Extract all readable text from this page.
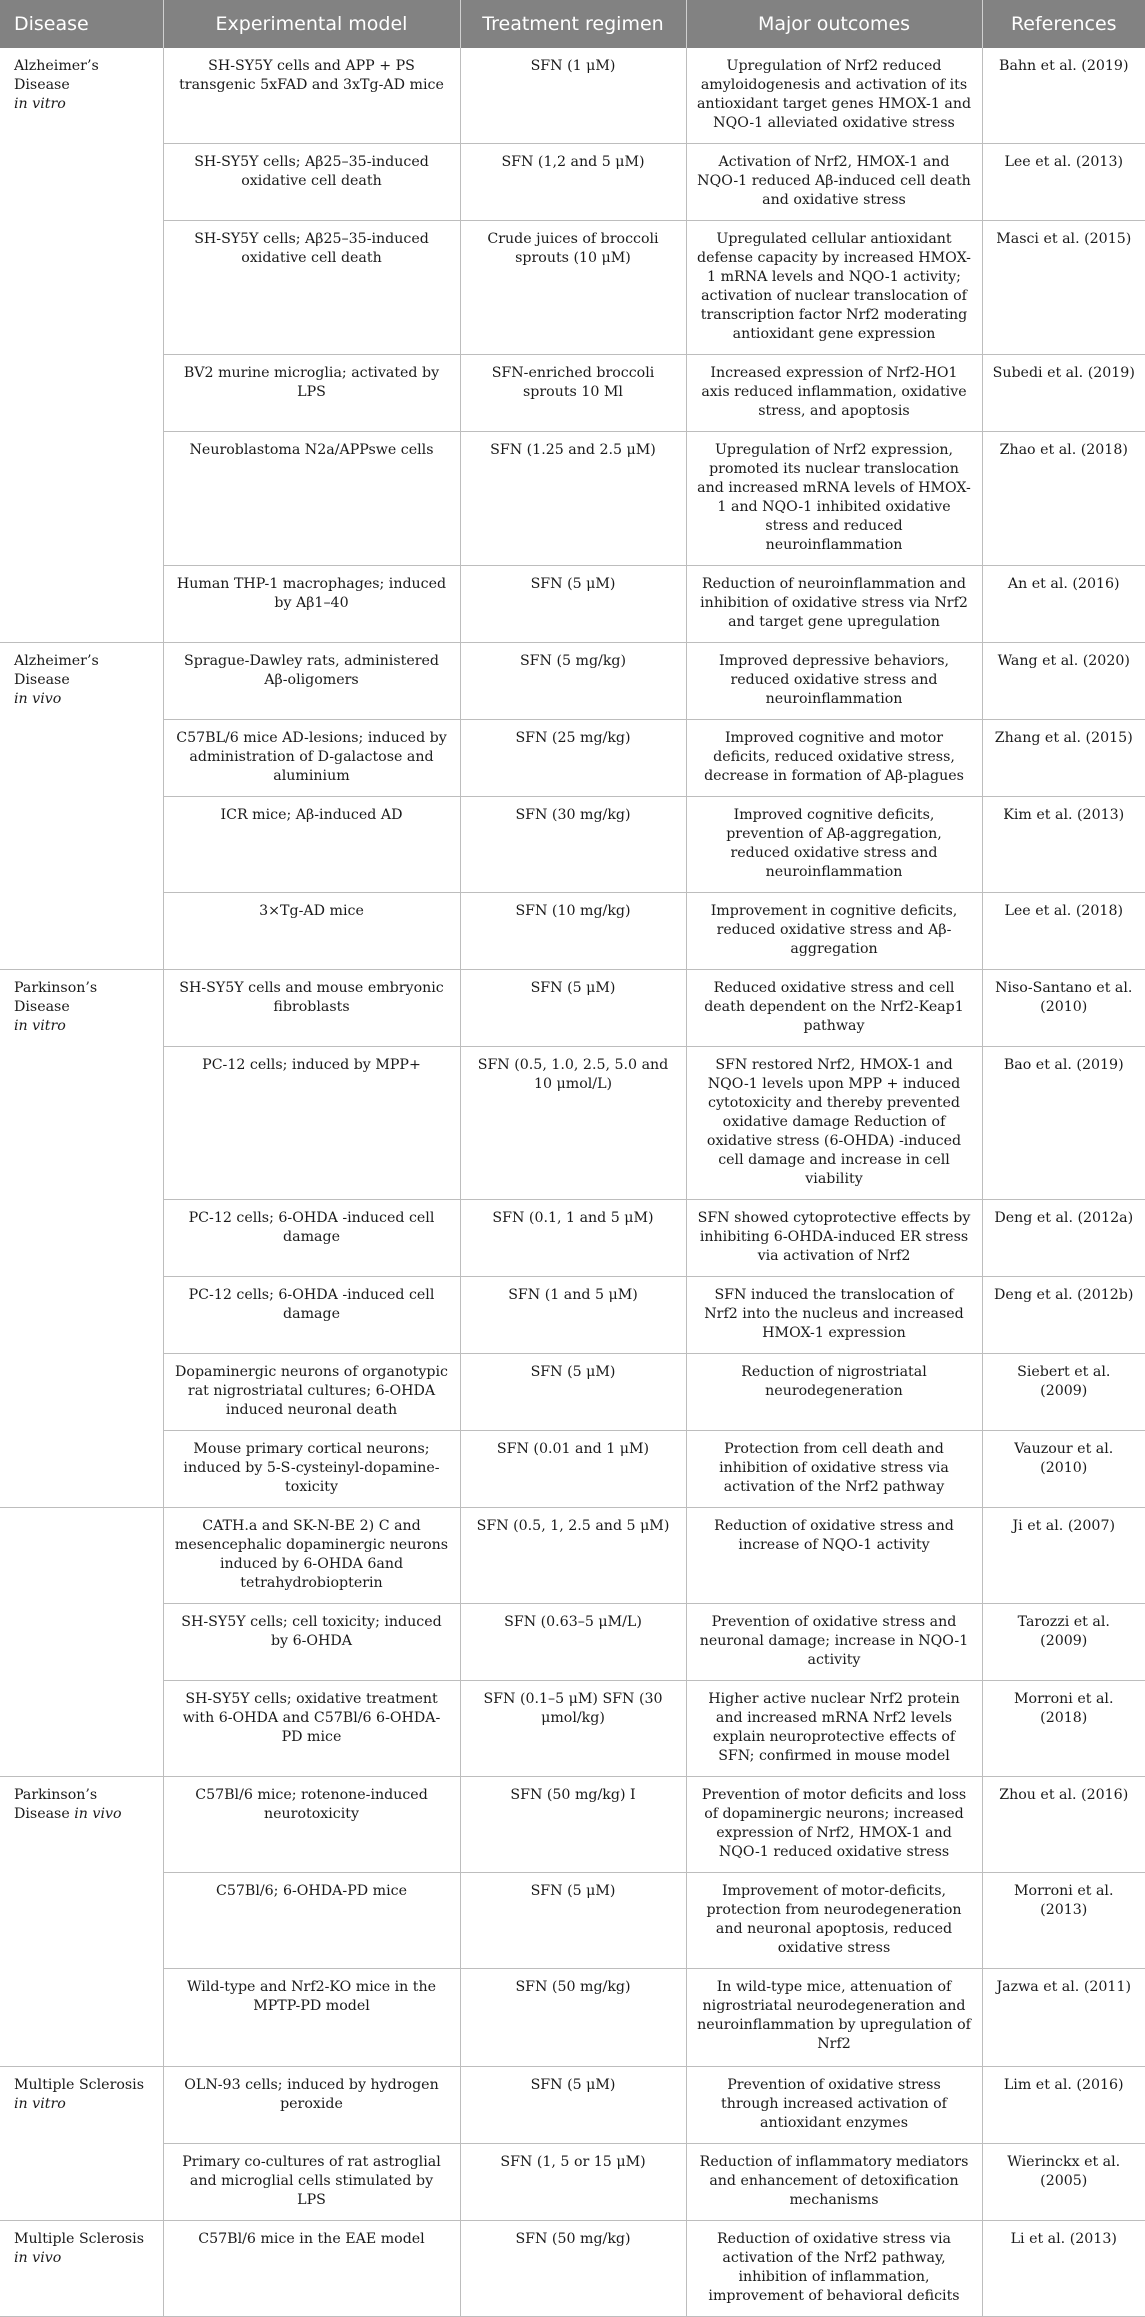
Disease	Experimental model	Treatment regimen	Major outcomes	References

Alzheimer’s Disease
in vitro	SH-SY5Y cells and APP + PS transgenic 5xFAD and 3xTg-AD mice	SFN (1 μM)	Upregulation of Nrf2 reduced amyloidogenesis and activation of its antioxidant target genes HMOX-1 and NQO-1 alleviated oxidative stress	Bahn et al. (2019)
	SH-SY5Y cells; Aβ25–35-induced oxidative cell death	SFN (1,2 and 5 μM)	Activation of Nrf2, HMOX-1 and NQO-1 reduced Aβ-induced cell death and oxidative stress	Lee et al. (2013)
	SH-SY5Y cells; Aβ25–35-induced oxidative cell death	Crude juices of broccoli sprouts (10 μM)	Upregulated cellular antioxidant defense capacity by increased HMOX-1 mRNA levels and NQO-1 activity; activation of nuclear translocation of transcription factor Nrf2 moderating antioxidant gene expression	Masci et al. (2015)
	BV2 murine microglia; activated by LPS	SFN-enriched broccoli sprouts 10 Ml	Increased expression of Nrf2-HO1 axis reduced inflammation, oxidative stress, and apoptosis	Subedi et al. (2019)
	Neuroblastoma N2a/APPswe cells	SFN (1.25 and 2.5 μM)	Upregulation of Nrf2 expression, promoted its nuclear translocation and increased mRNA levels of HMOX-1 and NQO-1 inhibited oxidative stress and reduced neuroinflammation	Zhao et al. (2018)
	Human THP-1 macrophages; induced by Aβ1–40	SFN (5 μM)	Reduction of neuroinflammation and inhibition of oxidative stress via Nrf2 and target gene upregulation	An et al. (2016)

Alzheimer’s Disease
in vivo	Sprague-Dawley rats, administered Aβ-oligomers	SFN (5 mg/kg)	Improved depressive behaviors, reduced oxidative stress and neuroinflammation	Wang et al. (2020)
	C57BL/6 mice AD-lesions; induced by administration of D-galactose and aluminium	SFN (25 mg/kg)	Improved cognitive and motor deficits, reduced oxidative stress, decrease in formation of Aβ-plagues	Zhang et al. (2015)
	ICR mice; Aβ-induced AD	SFN (30 mg/kg)	Improved cognitive deficits, prevention of Aβ-aggregation, reduced oxidative stress and neuroinflammation	Kim et al. (2013)
	3×Tg-AD mice	SFN (10 mg/kg)	Improvement in cognitive deficits, reduced oxidative stress and Aβ-aggregation	Lee et al. (2018)

Parkinson’s Disease
in vitro	SH-SY5Y cells and mouse embryonic fibroblasts	SFN (5 μM)	Reduced oxidative stress and cell death dependent on the Nrf2-Keap1 pathway	Niso-Santano et al. (2010)
	PC-12 cells; induced by MPP+	SFN (0.5, 1.0, 2.5, 5.0 and 10 μmol/L)	SFN restored Nrf2, HMOX-1 and NQO-1 levels upon MPP + induced cytotoxicity and thereby prevented oxidative damage Reduction of oxidative stress (6-OHDA) -induced cell damage and increase in cell viability	Bao et al. (2019)
	PC-12 cells; 6-OHDA -induced cell damage	SFN (0.1, 1 and 5 μM)	SFN showed cytoprotective effects by inhibiting 6-OHDA-induced ER stress via activation of Nrf2	Deng et al. (2012a)
	PC-12 cells; 6-OHDA -induced cell damage	SFN (1 and 5 μM)	SFN induced the translocation of Nrf2 into the nucleus and increased HMOX-1 expression	Deng et al. (2012b)
	Dopaminergic neurons of organotypic rat nigrostriatal cultures; 6-OHDA induced neuronal death	SFN (5 μM)	Reduction of nigrostriatal neurodegeneration	Siebert et al. (2009)
	Mouse primary cortical neurons; induced by 5-S-cysteinyl-dopamine- toxicity	SFN (0.01 and 1 μM)	Protection from cell death and inhibition of oxidative stress via activation of the Nrf2 pathway	Vauzour et al. (2010)

	CATH.a and SK-N-BE 2) C and mesencephalic dopaminergic neurons induced by 6-OHDA 6and tetrahydrobiopterin	SFN (0.5, 1, 2.5 and 5 μM)	Reduction of oxidative stress and increase of NQO-1 activity	Ji et al. (2007)
	SH-SY5Y cells; cell toxicity; induced by 6-OHDA	SFN (0.63–5 μM/L)	Prevention of oxidative stress and neuronal damage; increase in NQO-1 activity	Tarozzi et al. (2009)
	SH-SY5Y cells; oxidative treatment with 6-OHDA and C57Bl/6 6-OHDA-PD mice	SFN (0.1–5 μM) SFN (30 μmol/kg)	Higher active nuclear Nrf2 protein and increased mRNA Nrf2 levels explain neuroprotective effects of SFN; confirmed in mouse model	Morroni et al. (2018)
Parkinson’s Disease in vivo	C57Bl/6 mice; rotenone-induced neurotoxicity	SFN (50 mg/kg) I	Prevention of motor deficits and loss of dopaminergic neurons; increased expression of Nrf2, HMOX-1 and NQO-1 reduced oxidative stress	Zhou et al. (2016)
	C57Bl/6; 6-OHDA-PD mice	SFN (5 μM)	Improvement of motor-deficits, protection from neurodegeneration and neuronal apoptosis, reduced oxidative stress	Morroni et al. (2013)
	Wild-type and Nrf2-KO mice in the MPTP-PD model	SFN (50 mg/kg)	In wild-type mice, attenuation of nigrostriatal neurodegeneration and neuroinflammation by upregulation of Nrf2	Jazwa et al. (2011)

Multiple Sclerosis
in vitro	OLN-93 cells; induced by hydrogen peroxide	SFN (5 μM)	Prevention of oxidative stress through increased activation of antioxidant enzymes	Lim et al. (2016)
	Primary co-cultures of rat astroglial and microglial cells stimulated by LPS	SFN (1, 5 or 15 μM)	Reduction of inflammatory mediators and enhancement of detoxification mechanisms	Wierinckx et al. (2005)
Multiple Sclerosis in vivo	C57Bl/6 mice in the EAE model	SFN (50 mg/kg)	Reduction of oxidative stress via activation of the Nrf2 pathway, inhibition of inflammation, improvement of behavioral deficits	Li et al. (2013)
